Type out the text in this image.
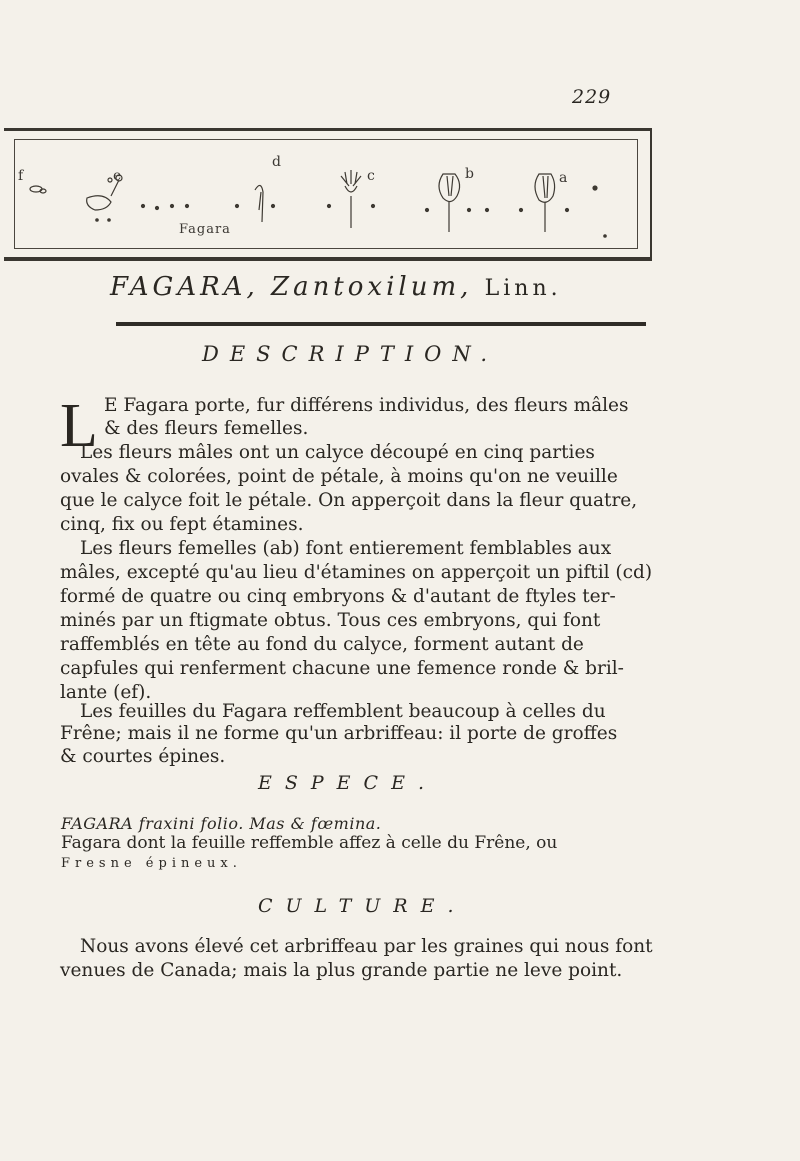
229
f	e
d
c	b	a
Fagara
FAGARA, Zantoxilum, Linn.
DESCRIPTION.
L E Fagara porte, fur différens individus, des fleurs mâles
& des fleurs femelles.
Les fleurs mâles ont un calyce découpé en cinq parties
ovales & colorées, point de pétale, à moins qu'on ne veuille
que le calyce foit le pétale. On apperçoit dans la fleur quatre,
cinq, fix ou fept étamines.
Les fleurs femelles (ab) font entierement femblables aux
mâles, excepté qu'au lieu d'étamines on apperçoit un piftil (cd)
formé de quatre ou cinq embryons & d'autant de ftyles ter-
minés par un ftigmate obtus. Tous ces embryons, qui font
raffemblés en tête au fond du calyce, forment autant de
capfules qui renferment chacune une femence ronde & bril-
lante (ef).
Les feuilles du Fagara reffemblent beaucoup à celles du
Frêne; mais il ne forme qu'un arbriffeau: il porte de groffes
& courtes épines.
ESPECE.
FAGARA fraxini folio. Mas & fœmina.
Fagara dont la feuille reffemble affez à celle du Frêne, ou
Fresne épineux.
CULTURE.
Nous avons élevé cet arbriffeau par les graines qui nous font
venues de Canada; mais la plus grande partie ne leve point.
